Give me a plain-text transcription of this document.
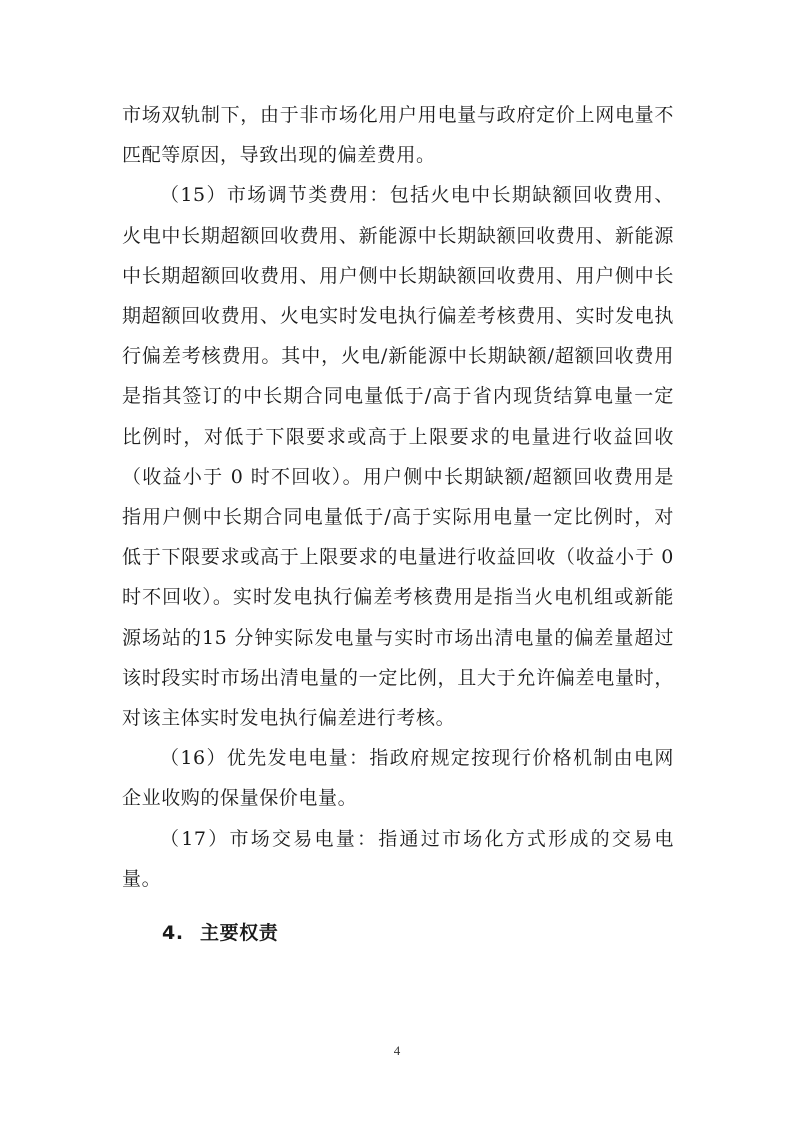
市场双轨制下，由于非市场化用户用电量与政府定价上网电量不匹配等原因，导致出现的偏差费用。

（15）市场调节类费用：包括火电中长期缺额回收费用、火电中长期超额回收费用、新能源中长期缺额回收费用、新能源中长期超额回收费用、用户侧中长期缺额回收费用、用户侧中长期超额回收费用、火电实时发电执行偏差考核费用、实时发电执行偏差考核费用。其中，火电/新能源中长期缺额/超额回收费用是指其签订的中长期合同电量低于/高于省内现货结算电量一定比例时，对低于下限要求或高于上限要求的电量进行收益回收（收益小于 0 时不回收）。用户侧中长期缺额/超额回收费用是指用户侧中长期合同电量低于/高于实际用电量一定比例时，对低于下限要求或高于上限要求的电量进行收益回收（收益小于 0 时不回收）。实时发电执行偏差考核费用是指当火电机组或新能源场站的15 分钟实际发电量与实时市场出清电量的偏差量超过该时段实时市场出清电量的一定比例，且大于允许偏差电量时，对该主体实时发电执行偏差进行考核。

（16）优先发电电量：指政府规定按现行价格机制由电网企业收购的保量保价电量。

（17）市场交易电量：指通过市场化方式形成的交易电量。

4. 主要权责
4
